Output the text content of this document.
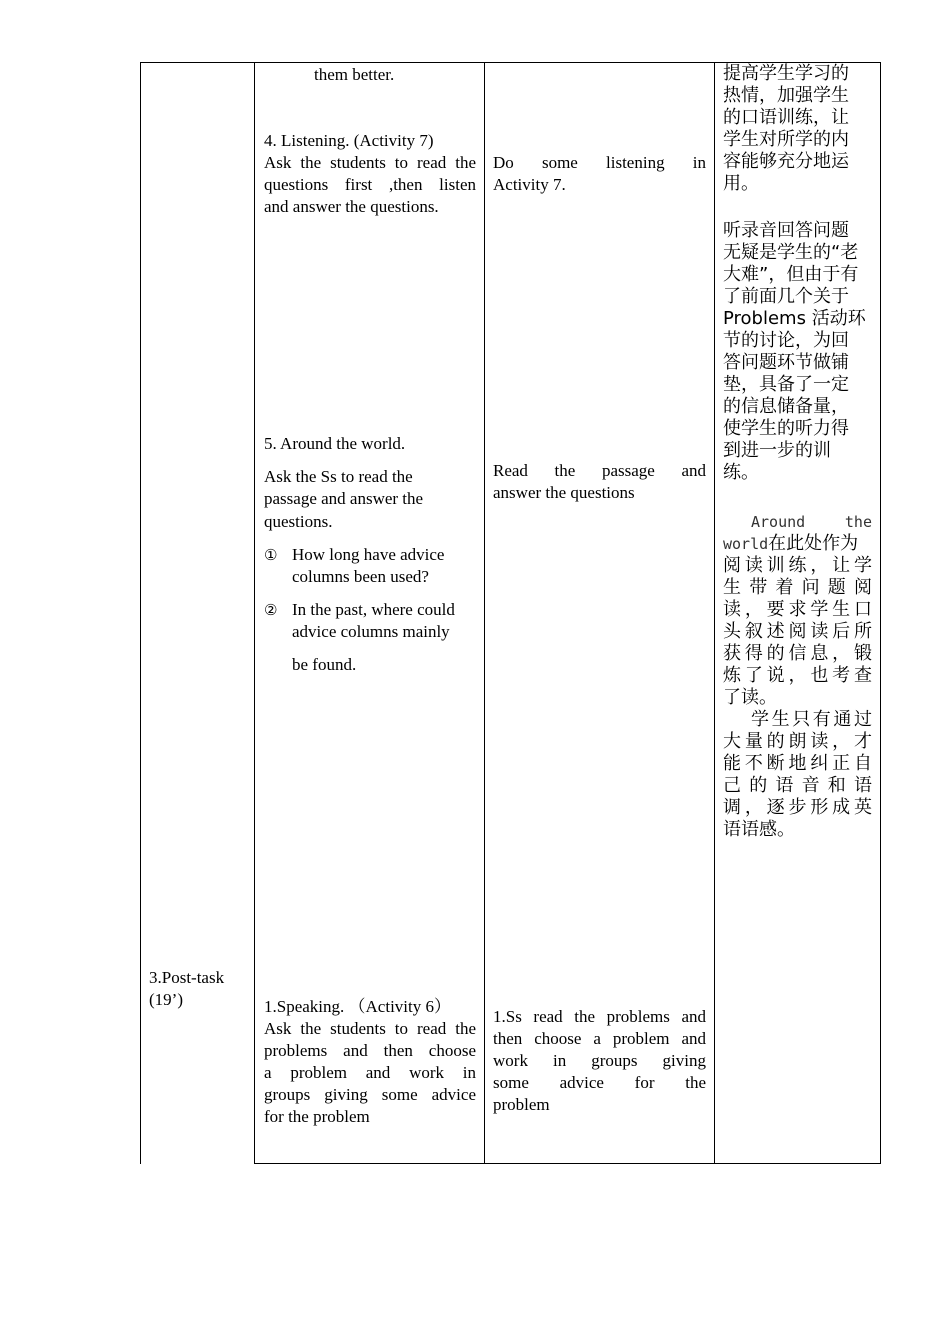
3.Post-task
(19’)
them better.
4. Listening. (Activity 7)
Ask the students to read the
questions first ,then listen
and answer the questions.
5. Around the world.
Ask the Ss to read the
passage and answer the
questions.
① How long have advice
columns been used?
② In the past, where could
advice columns mainly
be found.
1.Speaking. （Activity 6）
Ask the students to read the
problems and then choose
a problem and work in
groups giving some advice
for the problem
Do some listening in
Activity 7.
Read the passage and
answer the questions
1.Ss read the problems and
then choose a problem and
work in groups giving
some advice for the
problem
提高学生学习的
热情，加强学生
的口语训练，让
学生对所学的内
容能够充分地运
用。
听录音回答问题
无疑是学生的“老
大难”，但由于有
了前面几个关于
Problems 活动环
节的讨论，为回
答问题环节做铺
垫，具备了一定
的信息储备量，
使学生的听力得
到进一步的训
练。
Around the
world在此处作为
阅读训练，让学
生带着问题阅
读，要求学生口
头叙述阅读后所
获得的信息，锻
炼了说，也考查
了读。
学生只有通过
大量的朗读，才
能不断地纠正自
己的语音和语
调，逐步形成英
语语感。
